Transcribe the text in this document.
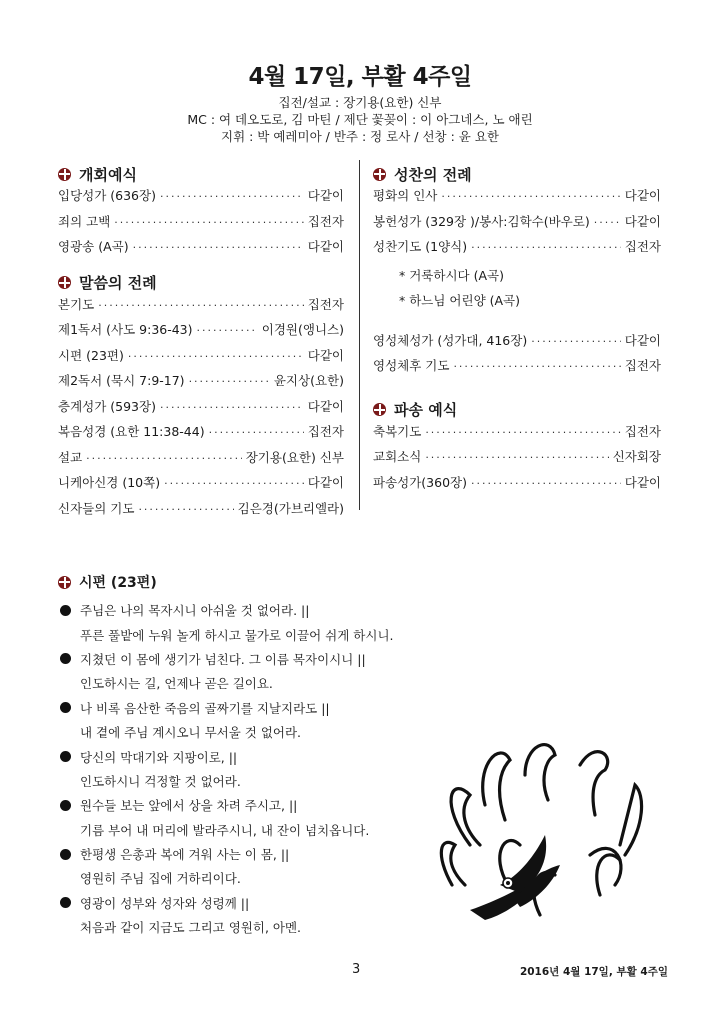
4월 17일, 부활 4주일
집전/설교 : 장기용(요한) 신부
MC : 여 데오도로, 김 마틴 / 제단 꽃꽂이 : 이 아그네스, 노 애린
지휘 : 박 예레미아 / 반주 : 정 로사 / 선창 : 윤 요한
개회예식
입당성가 (636장) ·····	다같이
죄의 고백 ·····	집전자
영광송 (A곡) ·····	다같이
말씀의 전례
본기도 ·····	집전자
제1독서 (사도 9:36-43) ·····	이경원(앵니스)
시편 (23편) ·····	다같이
제2독서 (묵시 7:9-17) ·····	윤지상(요한)
층계성가 (593장) ·····	다같이
복음성경 (요한 11:38-44) ·····	집전자
설교 ·····	장기용(요한) 신부
니케아신경 (10쪽) ·····	다같이
신자들의 기도 ·····	김은경(가브리엘라)
성찬의 전례
평화의 인사 ·····	다같이
봉헌성가 (329장 )/봉사:김학수(바우로) ·····	다같이
성찬기도 (1양식) ·····	집전자
* 거룩하시다 (A곡)
* 하느님 어린양 (A곡)
영성체성가 (성가대, 416장) ·····	다같이
영성체후 기도 ·····	집전자
파송 예식
축복기도 ·····	집전자
교회소식 ·····	신자회장
파송성가(360장) ·····	다같이
시편 (23편)
주님은 나의 목자시니 아쉬울 것 없어라. ||
푸른 풀밭에 누워 놀게 하시고 물가로 이끌어 쉬게 하시니.
지쳤던 이 몸에 생기가 넘친다. 그 이름 목자이시니 ||
인도하시는 길, 언제나 곧은 길이요.
나 비록 음산한 죽음의 골짜기를 지날지라도 ||
내 곁에 주님 계시오니 무서울 것 없어라.
당신의 막대기와 지팡이로, ||
인도하시니 걱정할 것 없어라.
원수들 보는 앞에서 상을 차려 주시고, ||
기름 부어 내 머리에 발라주시니, 내 잔이 넘치옵니다.
한평생 은총과 복에 겨워 사는 이 몸, ||
영원히 주님 집에 거하리이다.
영광이 성부와 성자와 성령께 ||
처음과 같이 지금도 그리고 영원히, 아멘.
3	2016년 4월 17일, 부활 4주일
